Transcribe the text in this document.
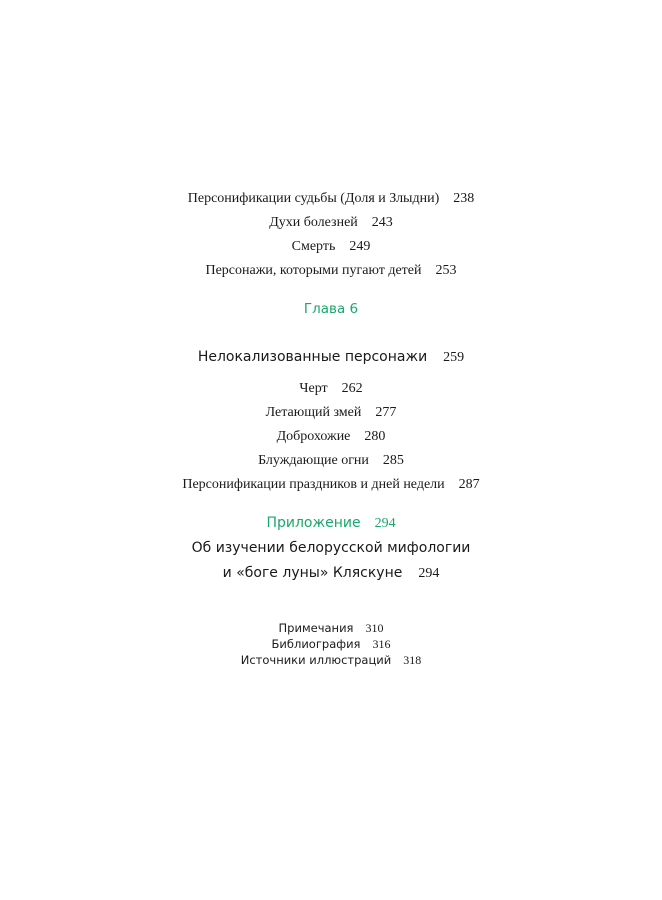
Персонификации судьбы (Доля и Злыдни) 238
Духи болезней 243
Смерть 249
Персонажи, которыми пугают детей 253
Глава 6
Нелокализованные персонажи 259
Черт 262
Летающий змей 277
Доброхожие 280
Блуждающие огни 285
Персонификации праздников и дней недели 287
Приложение 294
Об изучении белорусской мифологии
и «боге луны» Кляскуне 294
Примечания 310
Библиография 316
Источники иллюстраций 318
